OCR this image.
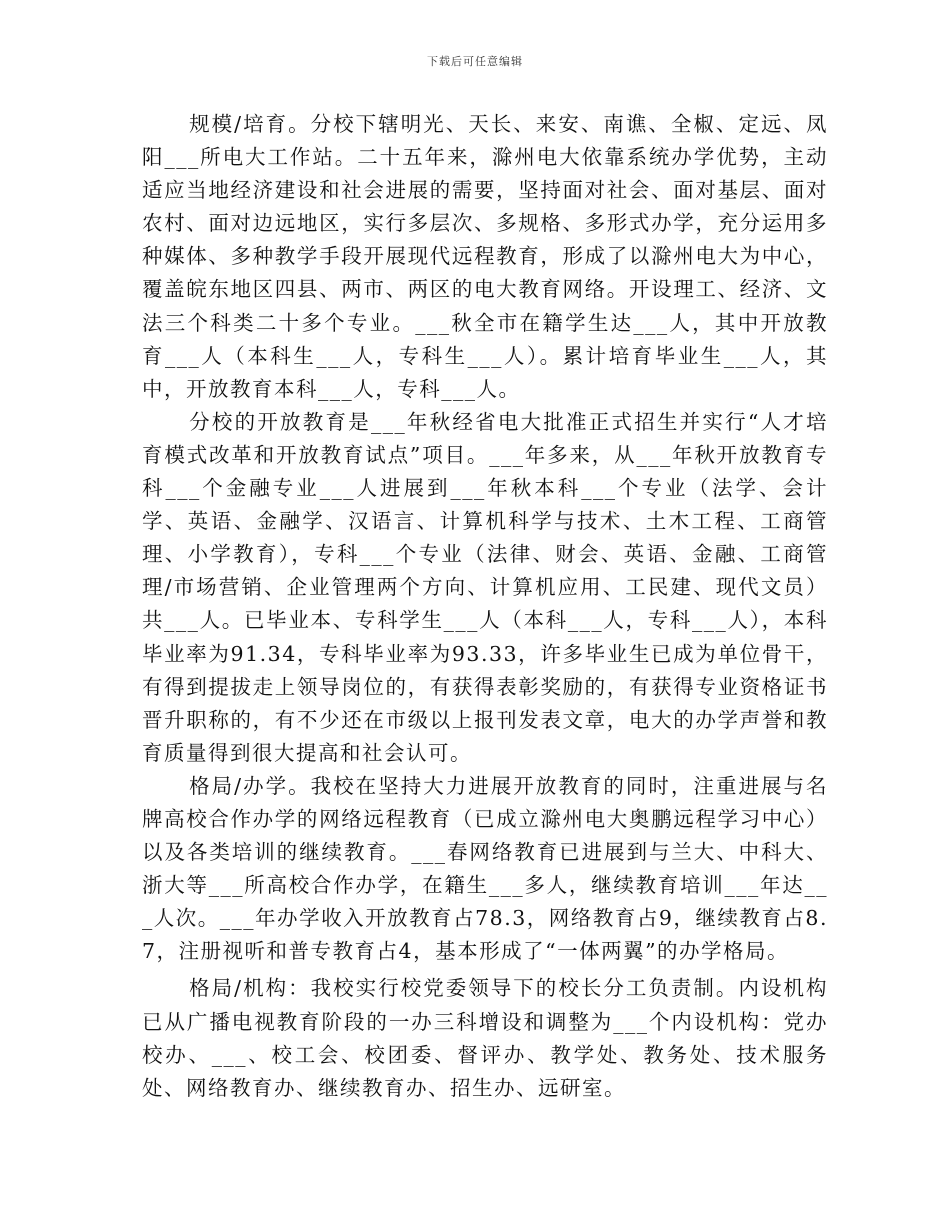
下载后可任意编辑

规模/培育。分校下辖明光、天长、来安、南谯、全椒、定远、凤阳___所电大工作站。二十五年来，滁州电大依靠系统办学优势，主动适应当地经济建设和社会进展的需要，坚持面对社会、面对基层、面对农村、面对边远地区，实行多层次、多规格、多形式办学，充分运用多种媒体、多种教学手段开展现代远程教育，形成了以滁州电大为中心，覆盖皖东地区四县、两市、两区的电大教育网络。开设理工、经济、文法三个科类二十多个专业。___秋全市在籍学生达___人，其中开放教育___人（本科生___人，专科生___人）。累计培育毕业生___人，其中，开放教育本科___人，专科___人。

分校的开放教育是___年秋经省电大批准正式招生并实行“人才培育模式改革和开放教育试点”项目。___年多来，从___年秋开放教育专科___个金融专业___人进展到___年秋本科___个专业（法学、会计学、英语、金融学、汉语言、计算机科学与技术、土木工程、工商管理、小学教育），专科___个专业（法律、财会、英语、金融、工商管理/市场营销、企业管理两个方向、计算机应用、工民建、现代文员）共___人。已毕业本、专科学生___人（本科___人，专科___人），本科毕业率为91.34，专科毕业率为93.33，许多毕业生已成为单位骨干，有得到提拔走上领导岗位的，有获得表彰奖励的，有获得专业资格证书晋升职称的，有不少还在市级以上报刊发表文章，电大的办学声誉和教育质量得到很大提高和社会认可。

格局/办学。我校在坚持大力进展开放教育的同时，注重进展与名牌高校合作办学的网络远程教育（已成立滁州电大奥鹏远程学习中心）以及各类培训的继续教育。___春网络教育已进展到与兰大、中科大、浙大等___所高校合作办学，在籍生___多人，继续教育培训___年达___人次。___年办学收入开放教育占78.3，网络教育占9，继续教育占8.7，注册视听和普专教育占4，基本形成了“一体两翼”的办学格局。

格局/机构：我校实行校党委领导下的校长分工负责制。内设机构已从广播电视教育阶段的一办三科增设和调整为___个内设机构：党办校办、___、校工会、校团委、督评办、教学处、教务处、技术服务处、网络教育办、继续教育办、招生办、远研室。
